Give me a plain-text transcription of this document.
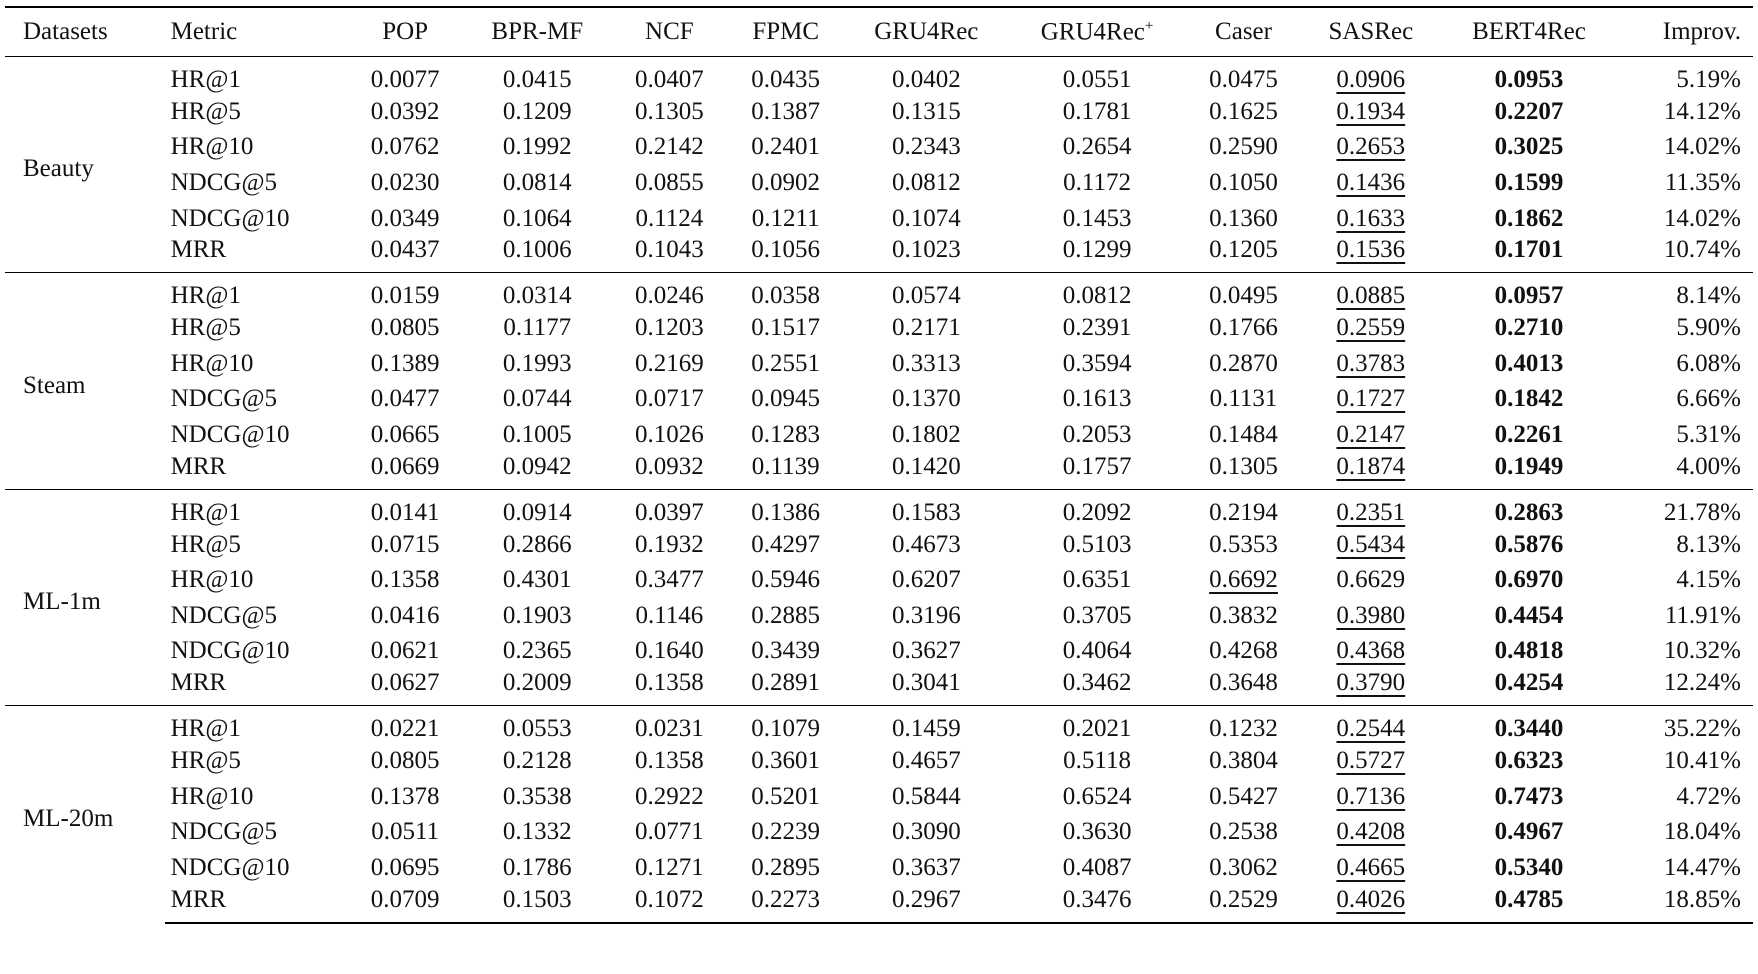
Datasets	Metric	POP	BPR-MF	NCF	FPMC	GRU4Rec	GRU4Rec+	Caser	SASRec	BERT4Rec	Improv.
Beauty	HR@1	0.0077	0.0415	0.0407	0.0435	0.0402	0.0551	0.0475	0.0906	0.0953	5.19%
	HR@5	0.0392	0.1209	0.1305	0.1387	0.1315	0.1781	0.1625	0.1934	0.2207	14.12%
	HR@10	0.0762	0.1992	0.2142	0.2401	0.2343	0.2654	0.2590	0.2653	0.3025	14.02%
	NDCG@5	0.0230	0.0814	0.0855	0.0902	0.0812	0.1172	0.1050	0.1436	0.1599	11.35%
	NDCG@10	0.0349	0.1064	0.1124	0.1211	0.1074	0.1453	0.1360	0.1633	0.1862	14.02%
	MRR	0.0437	0.1006	0.1043	0.1056	0.1023	0.1299	0.1205	0.1536	0.1701	10.74%
Steam	HR@1	0.0159	0.0314	0.0246	0.0358	0.0574	0.0812	0.0495	0.0885	0.0957	8.14%
	HR@5	0.0805	0.1177	0.1203	0.1517	0.2171	0.2391	0.1766	0.2559	0.2710	5.90%
	HR@10	0.1389	0.1993	0.2169	0.2551	0.3313	0.3594	0.2870	0.3783	0.4013	6.08%
	NDCG@5	0.0477	0.0744	0.0717	0.0945	0.1370	0.1613	0.1131	0.1727	0.1842	6.66%
	NDCG@10	0.0665	0.1005	0.1026	0.1283	0.1802	0.2053	0.1484	0.2147	0.2261	5.31%
	MRR	0.0669	0.0942	0.0932	0.1139	0.1420	0.1757	0.1305	0.1874	0.1949	4.00%
ML-1m	HR@1	0.0141	0.0914	0.0397	0.1386	0.1583	0.2092	0.2194	0.2351	0.2863	21.78%
	HR@5	0.0715	0.2866	0.1932	0.4297	0.4673	0.5103	0.5353	0.5434	0.5876	8.13%
	HR@10	0.1358	0.4301	0.3477	0.5946	0.6207	0.6351	0.6692	0.6629	0.6970	4.15%
	NDCG@5	0.0416	0.1903	0.1146	0.2885	0.3196	0.3705	0.3832	0.3980	0.4454	11.91%
	NDCG@10	0.0621	0.2365	0.1640	0.3439	0.3627	0.4064	0.4268	0.4368	0.4818	10.32%
	MRR	0.0627	0.2009	0.1358	0.2891	0.3041	0.3462	0.3648	0.3790	0.4254	12.24%
ML-20m	HR@1	0.0221	0.0553	0.0231	0.1079	0.1459	0.2021	0.1232	0.2544	0.3440	35.22%
	HR@5	0.0805	0.2128	0.1358	0.3601	0.4657	0.5118	0.3804	0.5727	0.6323	10.41%
	HR@10	0.1378	0.3538	0.2922	0.5201	0.5844	0.6524	0.5427	0.7136	0.7473	4.72%
	NDCG@5	0.0511	0.1332	0.0771	0.2239	0.3090	0.3630	0.2538	0.4208	0.4967	18.04%
	NDCG@10	0.0695	0.1786	0.1271	0.2895	0.3637	0.4087	0.3062	0.4665	0.5340	14.47%
	MRR	0.0709	0.1503	0.1072	0.2273	0.2967	0.3476	0.2529	0.4026	0.4785	18.85%
